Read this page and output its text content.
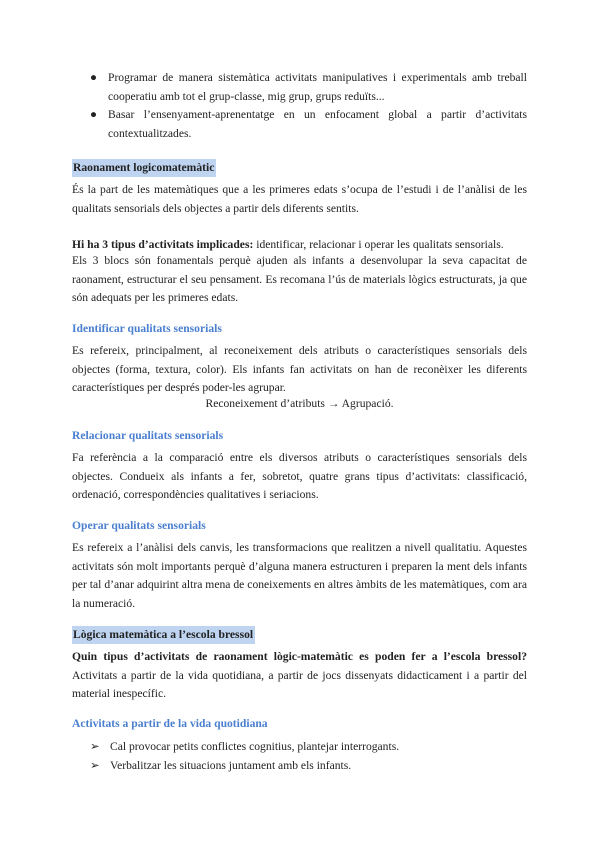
● Programar de manera sistemàtica activitats manipulatives i experimentals amb treball cooperatiu amb tot el grup-classe, mig grup, grups reduïts...
● Basar l’ensenyament-aprenentatge en un enfocament global a partir d’activitats contextualitzades.
Raonament logicomatemàtic

És la part de les matemàtiques que a les primeres edats s’ocupa de l’estudi i de l’anàlisi de les qualitats sensorials dels objectes a partir dels diferents sentits.

Hi ha 3 tipus d’activitats implicades: identificar, relacionar i operar les qualitats sensorials.

Els 3 blocs són fonamentals perquè ajuden als infants a desenvolupar la seva capacitat de raonament, estructurar el seu pensament. Es recomana l’ús de materials lògics estructurats, ja que són adequats per les primeres edats.

Identificar qualitats sensorials

Es refereix, principalment, al reconeixement dels atributs o característiques sensorials dels objectes (forma, textura, color). Els infants fan activitats on han de reconèixer les diferents característiques per després poder-les agrupar.

Reconeixement d’atributs → Agrupació.

Relacionar qualitats sensorials

Fa referència a la comparació entre els diversos atributs o característiques sensorials dels objectes. Condueix als infants a fer, sobretot, quatre grans tipus d’activitats: classificació, ordenació, correspondències qualitatives i seriacions.

Operar qualitats sensorials

Es refereix a l’anàlisi dels canvis, les transformacions que realitzen a nivell qualitatiu. Aquestes activitats són molt importants perquè d’alguna manera estructuren i preparen la ment dels infants per tal d’anar adquirint altra mena de coneixements en altres àmbits de les matemàtiques, com ara la numeració.

Lògica matemàtica a l’escola bressol

Quin tipus d’activitats de raonament lògic-matemàtic es poden fer a l’escola bressol? Activitats a partir de la vida quotidiana, a partir de jocs dissenyats didacticament i a partir del material inespecífic.

Activitats a partir de la vida quotidiana
➢ Cal provocar petits conflictes cognitius, plantejar interrogants.
➢ Verbalitzar les situacions juntament amb els infants.
